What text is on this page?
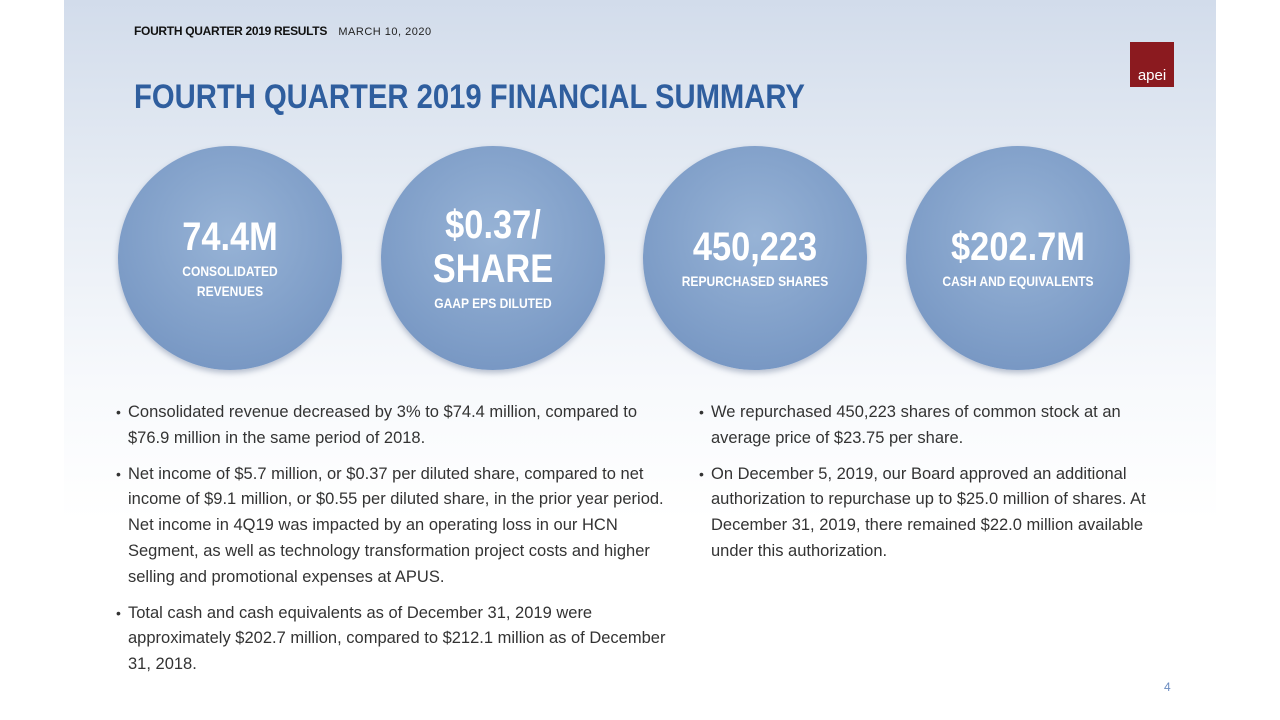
FOURTH QUARTER 2019 RESULTS MARCH 10, 2020
FOURTH QUARTER 2019 FINANCIAL SUMMARY
apei
74.4M
CONSOLIDATED
REVENUES
$0.37/
SHARE
GAAP EPS DILUTED
450,223
REPURCHASED SHARES
$202.7M
CASH AND EQUIVALENTS
• Consolidated revenue decreased by 3% to $74.4 million, compared to $76.9 million in the same period of 2018.
• Net income of $5.7 million, or $0.37 per diluted share, compared to net income of $9.1 million, or $0.55 per diluted share, in the prior year period. Net income in 4Q19 was impacted by an operating loss in our HCN Segment, as well as technology transformation project costs and higher selling and promotional expenses at APUS.
• Total cash and cash equivalents as of December 31, 2019 were approximately $202.7 million, compared to $212.1 million as of December 31, 2018.
• We repurchased 450,223 shares of common stock at an average price of $23.75 per share.
• On December 5, 2019, our Board approved an additional authorization to repurchase up to $25.0 million of shares. At December 31, 2019, there remained $22.0 million available under this authorization.
4
